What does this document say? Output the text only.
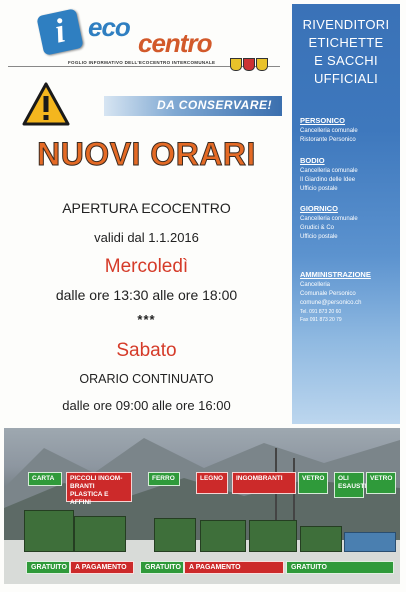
i eco
centro
FOGLIO INFORMATIVO DELL'ECOCENTRO INTERCOMUNALE
DA CONSERVARE!
NUOVI ORARI
APERTURA ECOCENTRO
validi dal 1.1.2016
Mercoledì
dalle ore 13:30 alle ore 18:00
***
Sabato
ORARIO CONTINUATO
dalle ore 09:00 alle ore 16:00
RIVENDITORI
ETICHETTE
E SACCHI
UFFICIALI
PERSONICO
Cancelleria comunale
Ristorante Personico
BODIO
Cancelleria comunale
Il Giardino delle Idee
Ufficio postale
GIORNICO
Cancelleria comunale
Grudici & Co
Ufficio postale
AMMINISTRAZIONE
Cancelleria
Comunale Personico
comune@personico.ch
Tel. 091 873 20 60
Fax 091 873 20 79
CARTA	PICCOLI INGOM-BRANTI PLASTICA E AFFINI
FERRO	LEGNO	INGOMBRANTI	VETRO	OLI ESAUSTI
VETRO
GRATUITO	A PAGAMENTO	GRATUITO	A PAGAMENTO	GRATUITO
